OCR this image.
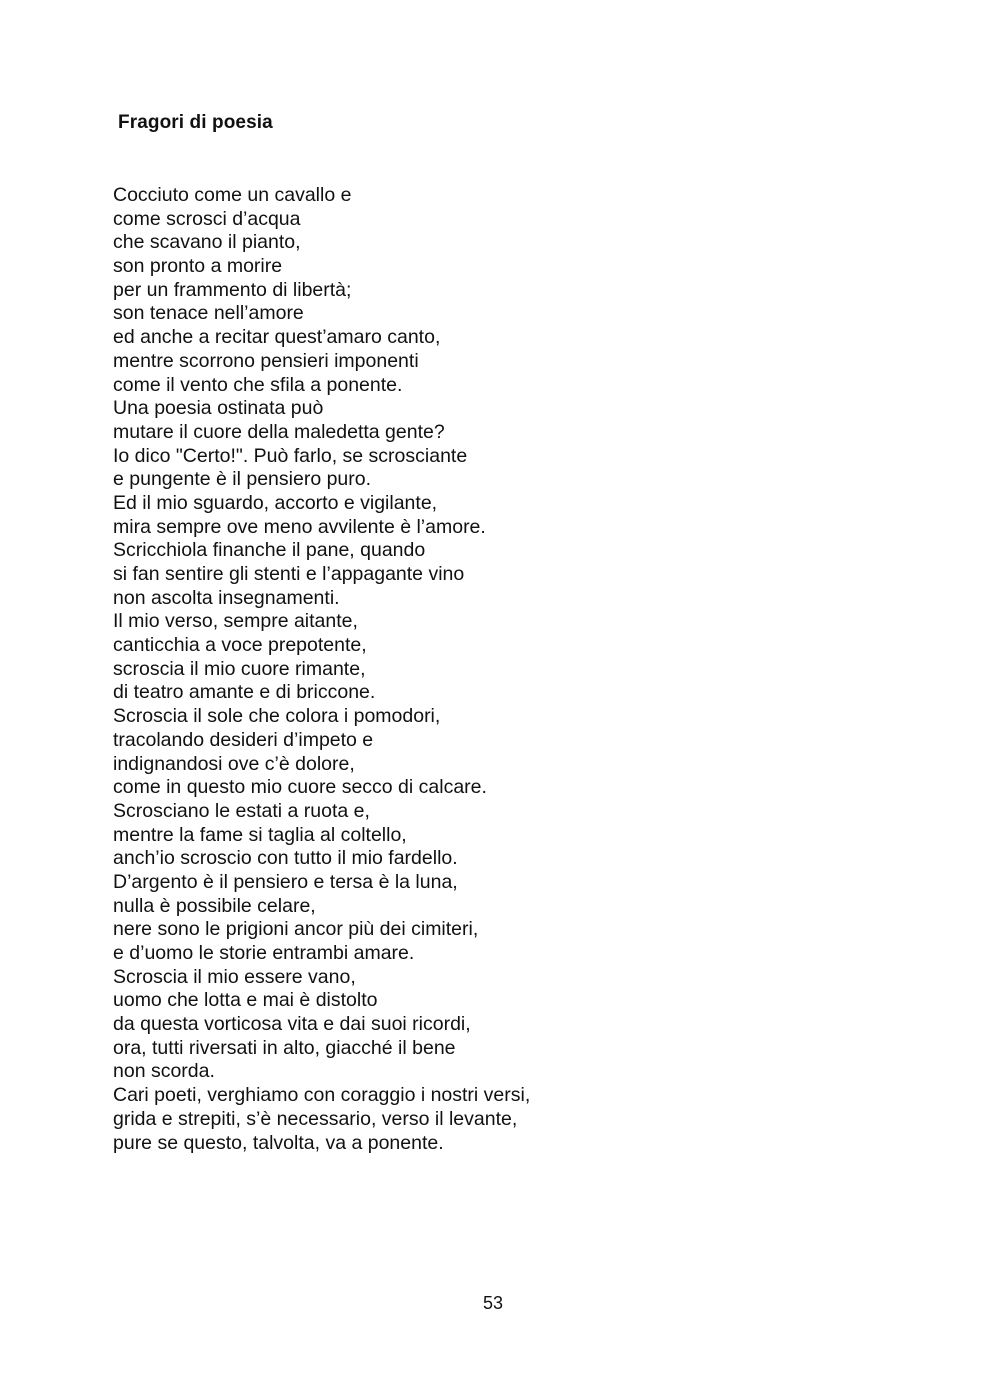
Fragori di poesia
Cocciuto come un cavallo e
come scrosci d’acqua
che scavano il pianto,
son pronto a morire
per un frammento di libertà;
son tenace nell’amore
ed anche a recitar quest’amaro canto,
mentre scorrono pensieri imponenti
come il vento che sfila a ponente.
Una poesia ostinata può
mutare il cuore della maledetta gente?
Io dico "Certo!". Può farlo, se scrosciante
e pungente è il pensiero puro.
Ed il mio sguardo, accorto e vigilante,
mira sempre ove meno avvilente è l’amore.
Scricchiola finanche il pane, quando
si fan sentire gli stenti e l’appagante vino
non ascolta insegnamenti.
Il mio verso, sempre aitante,
canticchia a voce prepotente,
scroscia il mio cuore rimante,
di teatro amante e di briccone.
Scroscia il sole che colora i pomodori,
tracolando desideri d’impeto e
indignandosi ove c’è dolore,
come in questo mio cuore secco di calcare.
Scrosciano le estati a ruota e,
mentre la fame si taglia al coltello,
anch’io scroscio con tutto il mio fardello.
D’argento è il pensiero e tersa è la luna,
nulla è possibile celare,
nere sono le prigioni ancor più dei cimiteri,
e d’uomo le storie entrambi amare.
Scroscia il mio essere vano,
uomo che lotta e mai è distolto
da questa vorticosa vita e dai suoi ricordi,
ora, tutti riversati in alto, giacché il bene
non scorda.
Cari poeti, verghiamo con coraggio i nostri versi,
grida e strepiti, s’è necessario, verso il levante,
pure se questo, talvolta, va a ponente.
53
